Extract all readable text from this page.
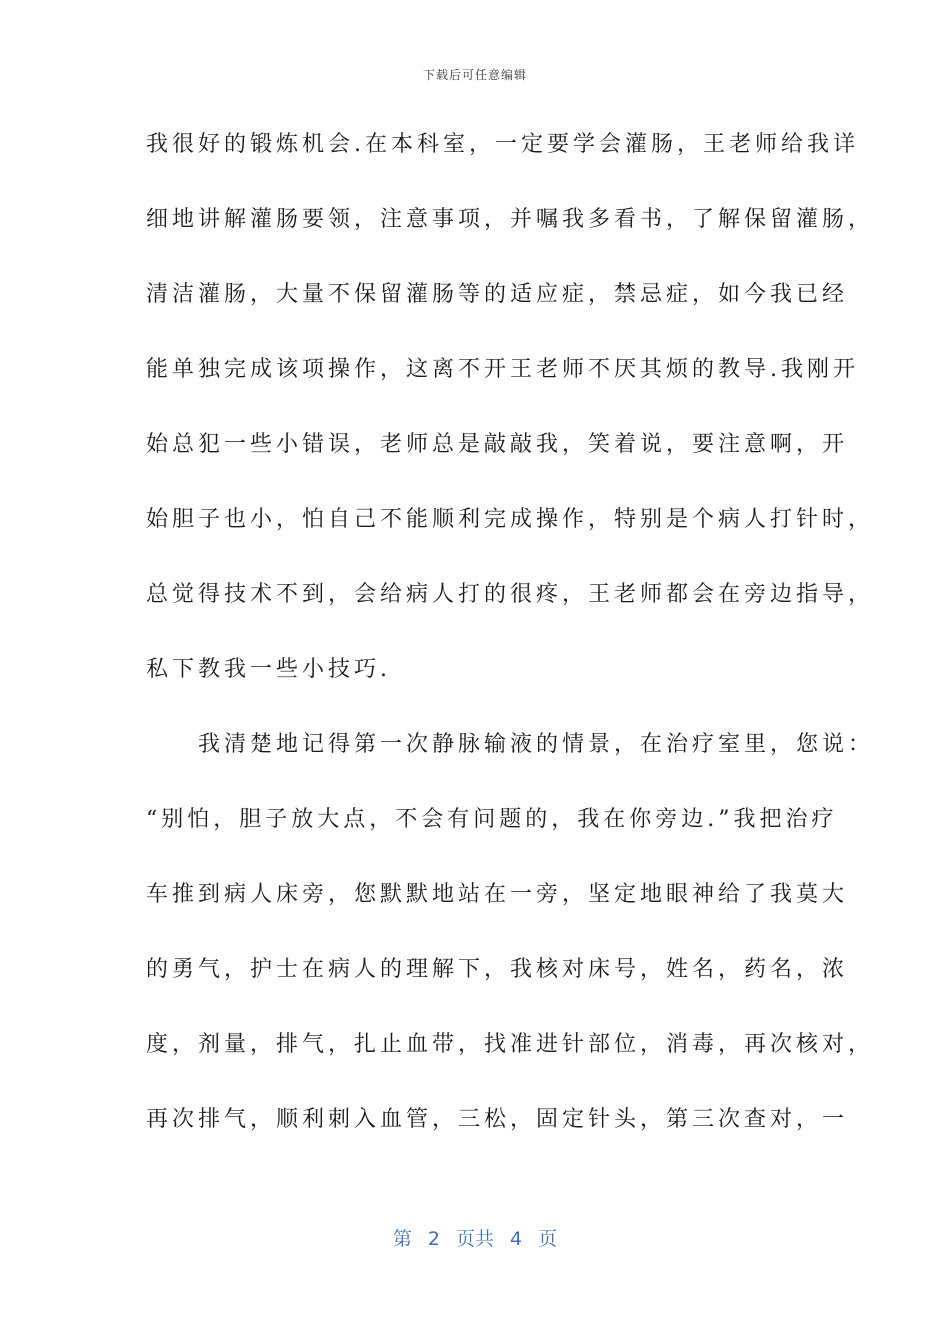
下载后可任意编辑
我很好的锻炼机会.在本科室，一定要学会灌肠，王老师给我详
细地讲解灌肠要领，注意事项，并嘱我多看书，了解保留灌肠，
清洁灌肠，大量不保留灌肠等的适应症，禁忌症，如今我已经
能单独完成该项操作，这离不开王老师不厌其烦的教导.我刚开
始总犯一些小错误，老师总是敲敲我，笑着说，要注意啊，开
始胆子也小，怕自己不能顺利完成操作，特别是个病人打针时，
总觉得技术不到，会给病人打的很疼，王老师都会在旁边指导，
私下教我一些小技巧.
　　我清楚地记得第一次静脉输液的情景，在治疗室里，您说：
“别怕，胆子放大点，不会有问题的，我在你旁边.”我把治疗
车推到病人床旁，您默默地站在一旁，坚定地眼神给了我莫大
的勇气，护士在病人的理解下，我核对床号，姓名，药名，浓
度，剂量，排气，扎止血带，找准进针部位，消毒，再次核对，
再次排气，顺利刺入血管，三松，固定针头，第三次查对，一
第 2 页共 4 页
